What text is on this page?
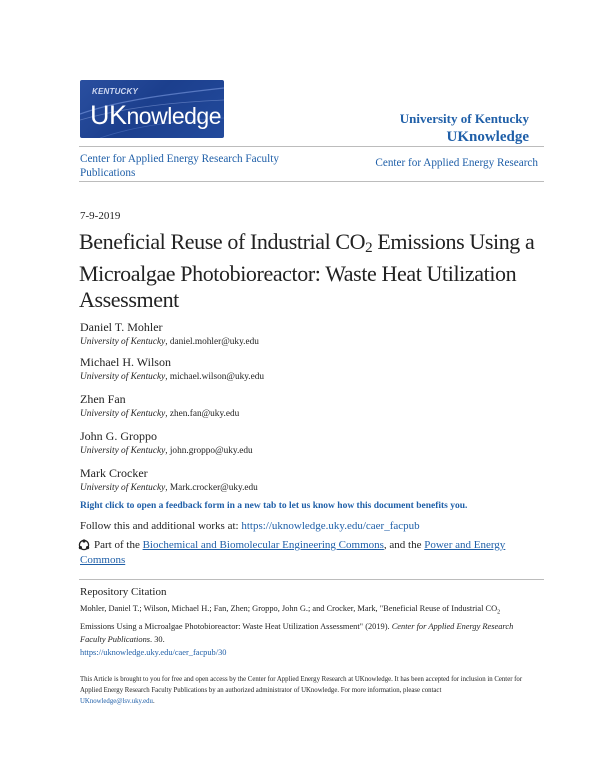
KENTUCKY
UKnowledge	University of Kentucky
UKnowledge
Center for Applied Energy Research Faculty Publications
Center for Applied Energy Research
7-9-2019
Beneficial Reuse of Industrial $CO_2$ Emissions Using a Microalgae Photobioreactor: Waste Heat Utilization Assessment
Daniel T. Mohler
University of Kentucky, daniel.mohler@uky.edu
Michael H. Wilson
University of Kentucky, michael.wilson@uky.edu
Zhen Fan
University of Kentucky, zhen.fan@uky.edu
John G. Groppo
University of Kentucky, john.groppo@uky.edu
Mark Crocker
University of Kentucky, Mark.crocker@uky.edu
Right click to open a feedback form in a new tab to let us know how this document benefits you.
Follow this and additional works at: https://uknowledge.uky.edu/caer_facpub
Part of the Biochemical and Biomolecular Engineering Commons, and the Power and Energy Commons
Repository Citation
Mohler, Daniel T.; Wilson, Michael H.; Fan, Zhen; Groppo, John G.; and Crocker, Mark, "Beneficial Reuse of Industrial $CO_2$ Emissions Using a Microalgae Photobioreactor: Waste Heat Utilization Assessment" (2019). Center for Applied Energy Research Faculty Publications. 30.
https://uknowledge.uky.edu/caer_facpub/30
This Article is brought to you for free and open access by the Center for Applied Energy Research at UKnowledge. It has been accepted for inclusion in Center for Applied Energy Research Faculty Publications by an authorized administrator of UKnowledge. For more information, please contact
UKnowledge@lsv.uky.edu.
